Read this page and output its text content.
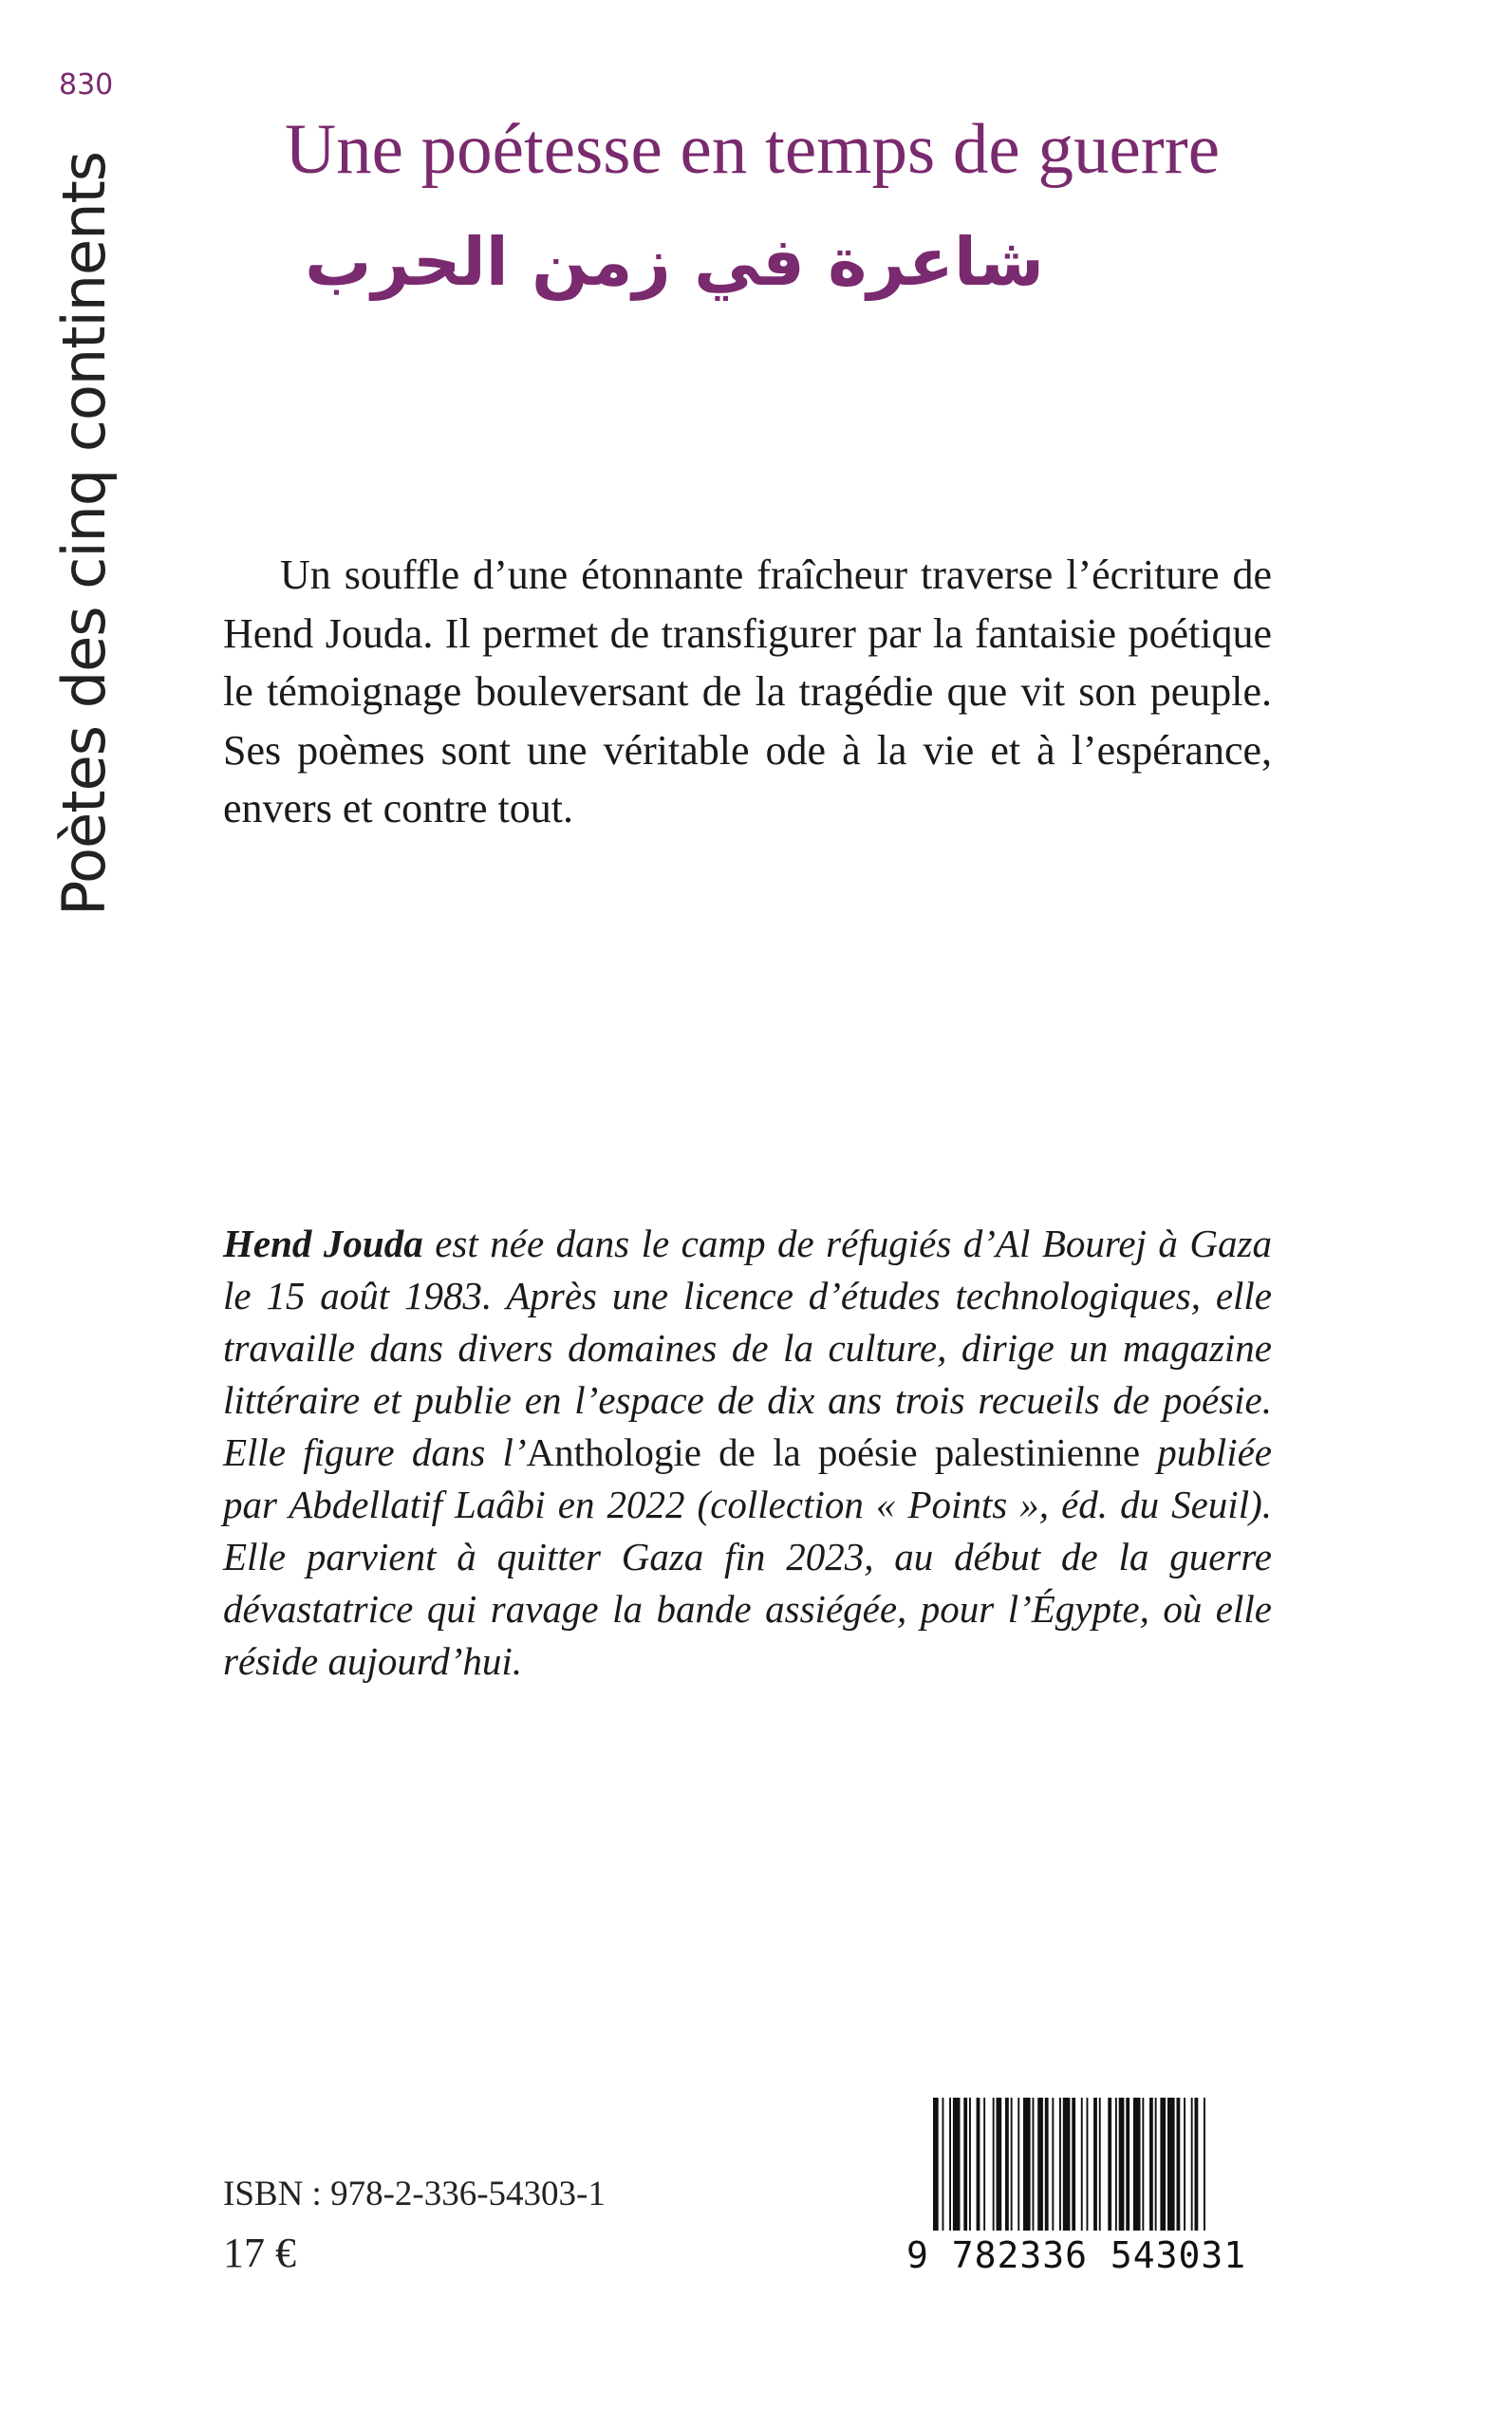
830
Poètes des cinq continents
Une poétesse en temps de guerre
شاعرة في زمن الحرب

Un souffle d’une étonnante fraîcheur traverse l’écriture de Hend Jouda. Il permet de transfigurer par la fantaisie poétique le témoignage bouleversant de la tragédie que vit son peuple. Ses poèmes sont une véritable ode à la vie et à l’espérance, envers et contre tout.

Hend Jouda est née dans le camp de réfugiés d’Al Bourej à Gaza le 15 août 1983. Après une licence d’études technologiques, elle travaille dans divers domaines de la culture, dirige un magazine littéraire et publie en l’espace de dix ans trois recueils de poésie. Elle figure dans l’Anthologie de la poésie palestinienne publiée par Abdellatif Laâbi en 2022 (collection « Points », éd. du Seuil). Elle parvient à quitter Gaza fin 2023, au début de la guerre dévastatrice qui ravage la bande assiégée, pour l’Égypte, où elle réside aujourd’hui.

ISBN : 978-2-336-54303-1
17 €	9 782336 543031
